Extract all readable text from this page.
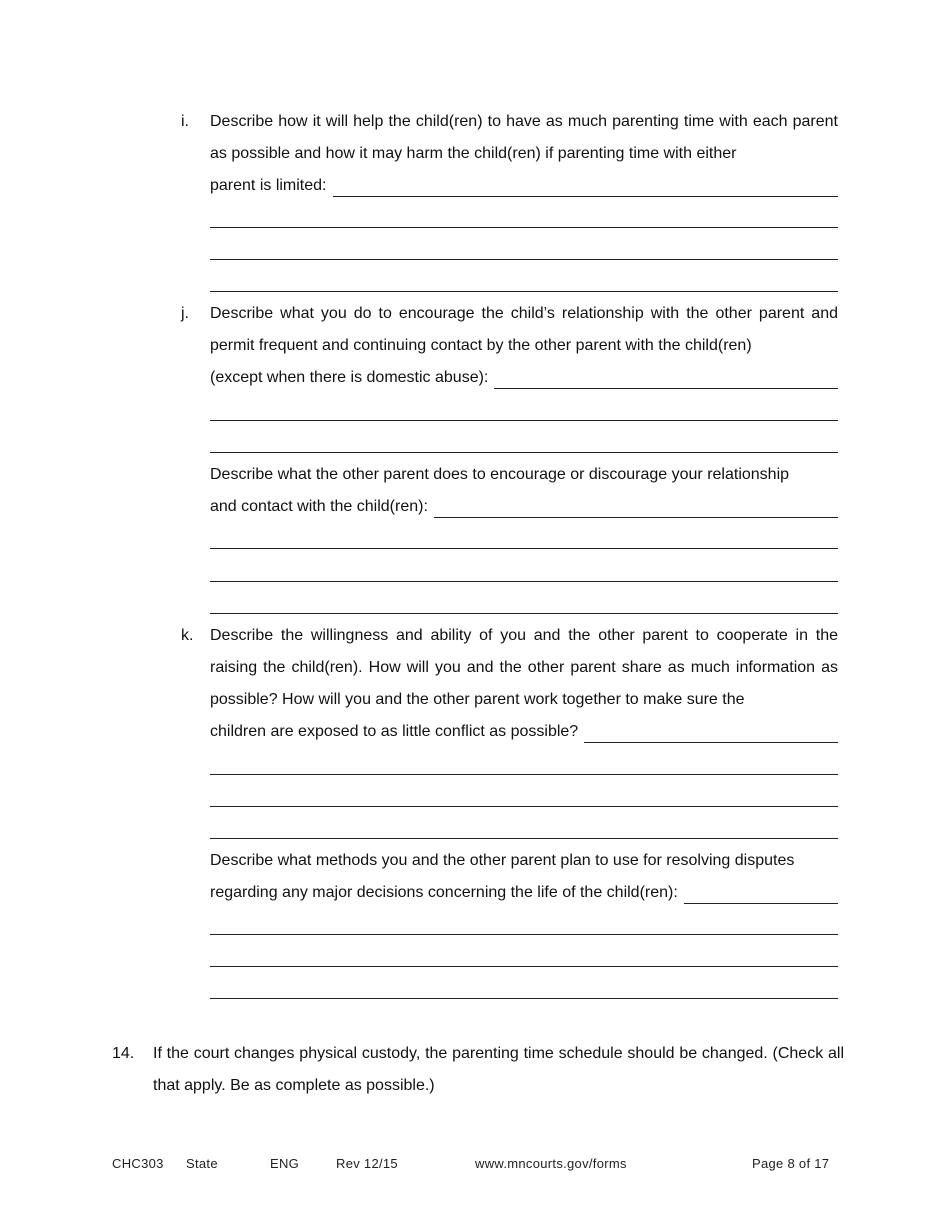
i. Describe how it will help the child(ren) to have as much parenting time with each parent as possible and how it may harm the child(ren) if parenting time with either
parent is limited:
j. Describe what you do to encourage the child’s relationship with the other parent and permit frequent and continuing contact by the other parent with the child(ren)
(except when there is domestic abuse):
Describe what the other parent does to encourage or discourage your relationship
and contact with the child(ren):
k. Describe the willingness and ability of you and the other parent to cooperate in the raising the child(ren). How will you and the other parent share as much information as possible? How will you and the other parent work together to make sure the
children are exposed to as little conflict as possible?
Describe what methods you and the other parent plan to use for resolving disputes
regarding any major decisions concerning the life of the child(ren):
14. If the court changes physical custody, the parenting time schedule should be changed. (Check all that apply. Be as complete as possible.)
CHC303 State	ENG	Rev 12/15	www.mncourts.gov/forms	Page 8 of 17
